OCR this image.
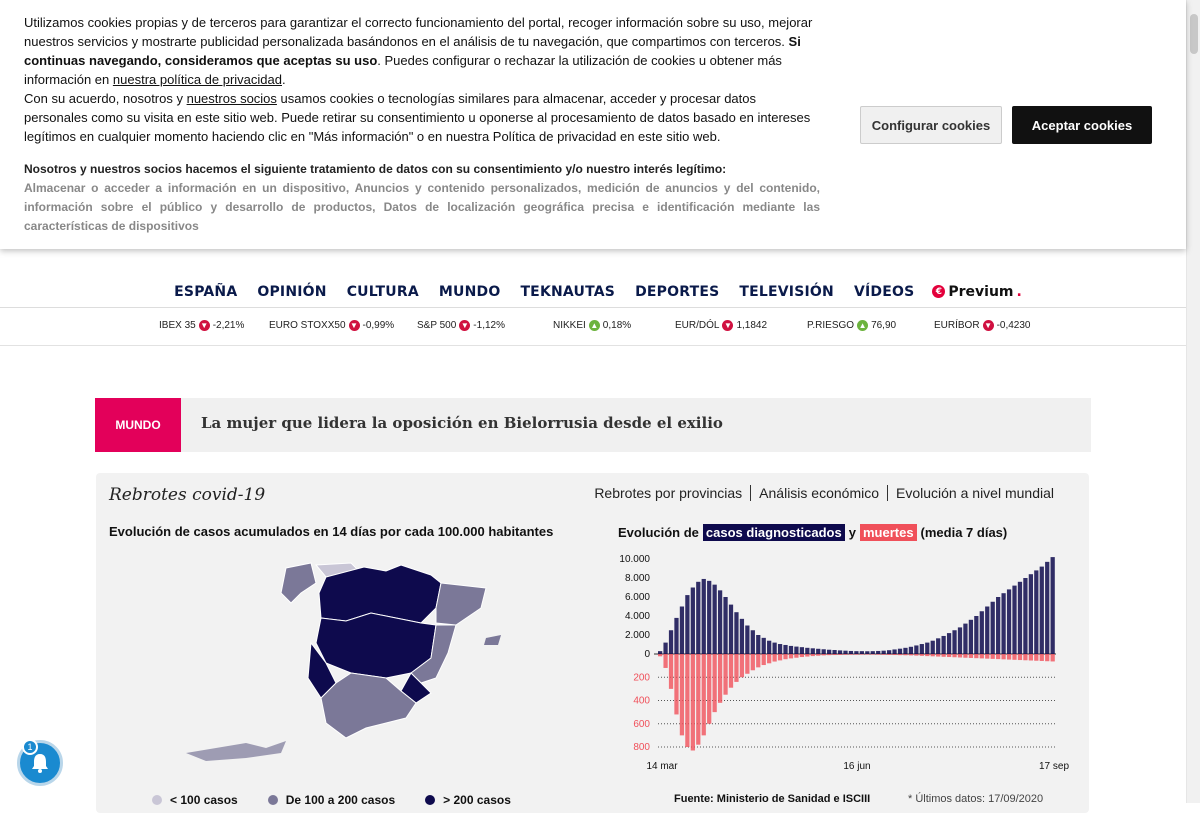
Utilizamos cookies propias y de terceros para garantizar el correcto funcionamiento del portal, recoger información sobre su uso, mejorar nuestros servicios y mostrarte publicidad personalizada basándonos en el análisis de tu navegación, que compartimos con terceros. Si continuas navegando, consideramos que aceptas su uso. Puedes configurar o rechazar la utilización de cookies u obtener más información en nuestra política de privacidad.

Con su acuerdo, nosotros y nuestros socios usamos cookies o tecnologías similares para almacenar, acceder y procesar datos personales como su visita en este sitio web. Puede retirar su consentimiento u oponerse al procesamiento de datos basado en intereses legítimos en cualquier momento haciendo clic en "Más información" o en nuestra Política de privacidad en este sitio web.

Nosotros y nuestros socios hacemos el siguiente tratamiento de datos con su consentimiento y/o nuestro interés legítimo:
Almacenar o acceder a información en un dispositivo, Anuncios y contenido personalizados, medición de anuncios y del contenido, información sobre el público y desarrollo de productos, Datos de localización geográfica precisa e identificación mediante las características de dispositivos
Configurar cookies	Aceptar cookies
ESPAÑA	OPINIÓN	CULTURA	MUNDO	TEKNAUTAS	DEPORTES	TELEVISIÓN	VÍDEOS	€ Previum .
IBEX 35 ▼ -2,21% EURO STOXX50 ▼ -0,99% S&P 500 ▼ -1,12%	NIKKEI ▲ 0,18%	EUR/DÓL ▼ 1,1842	P.RIESGO ▲ 76,90	EURÍBOR ▼ -0,4230
MUNDO	La mujer que lidera la oposición en Bielorrusia desde el exilio
Rebrotes covid-19	Rebrotes por provincias	Análisis económico	Evolución a nivel mundial
Evolución de casos acumulados en 14 días por cada 100.000 habitantes	Evolución de casos diagnosticados y muertes (media 7 días)
10.000
8.000
6.000
4.000
2.000
0
200
400
600
800
14 mar	16 jun	17 sep
< 100 casos	De 100 a 200 casos	> 200 casos	Fuente: Ministerio de Sanidad e ISCIII	* Últimos datos: 17/09/2020
1
